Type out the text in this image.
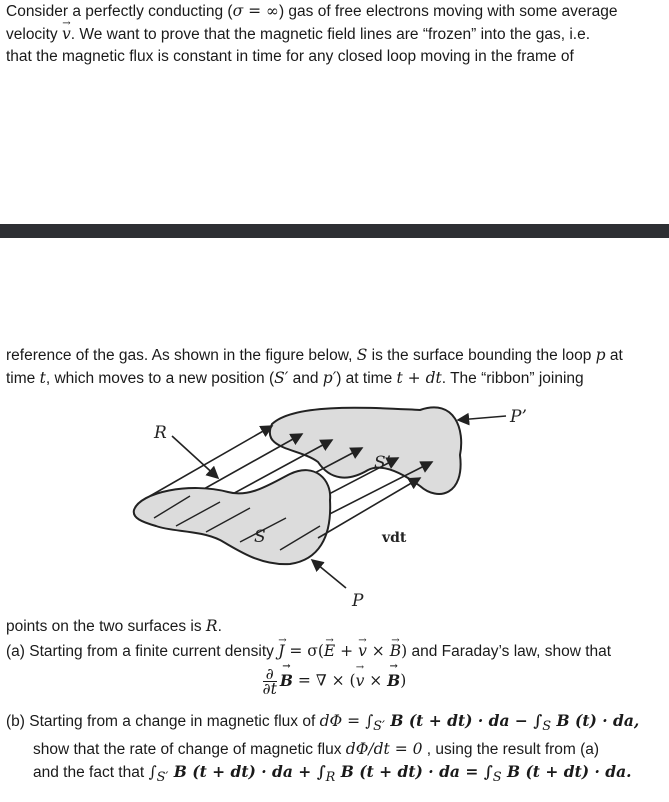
Consider a perfectly conducting (σ = ∞) gas of free electrons moving with some average
velocity v →. We want to prove that the magnetic field lines are “frozen” into the gas, i.e.
that the magnetic flux is constant in time for any closed loop moving in the frame of

reference of the gas. As shown in the figure below, S is the surface bounding the loop p at
time t, which moves to a new position (S′ and p′) at time t + dt. The “ribbon” joining

R
P
P’
S
S’
vdt

points on the two surfaces is R.

(a) Starting from a finite current density J → = σ(E → + v → × B →) and Faraday’s law, show that

$\frac{\partial}{\partial t}$ B → = ∇ × (v → × B →)

(b) Starting from a change in magnetic flux of $d\Phi = \int_{S'}$ B (t + dt) · da − $\int_S$ B (t) · da,
show that the rate of change of magnetic flux dΦ/dt = 0 , using the result from (a)
and the fact that $\int_{S'}$ B (t + dt) · da + $\int_R$ B (t + dt) · da = $\int_S$ B (t + dt) · da.
